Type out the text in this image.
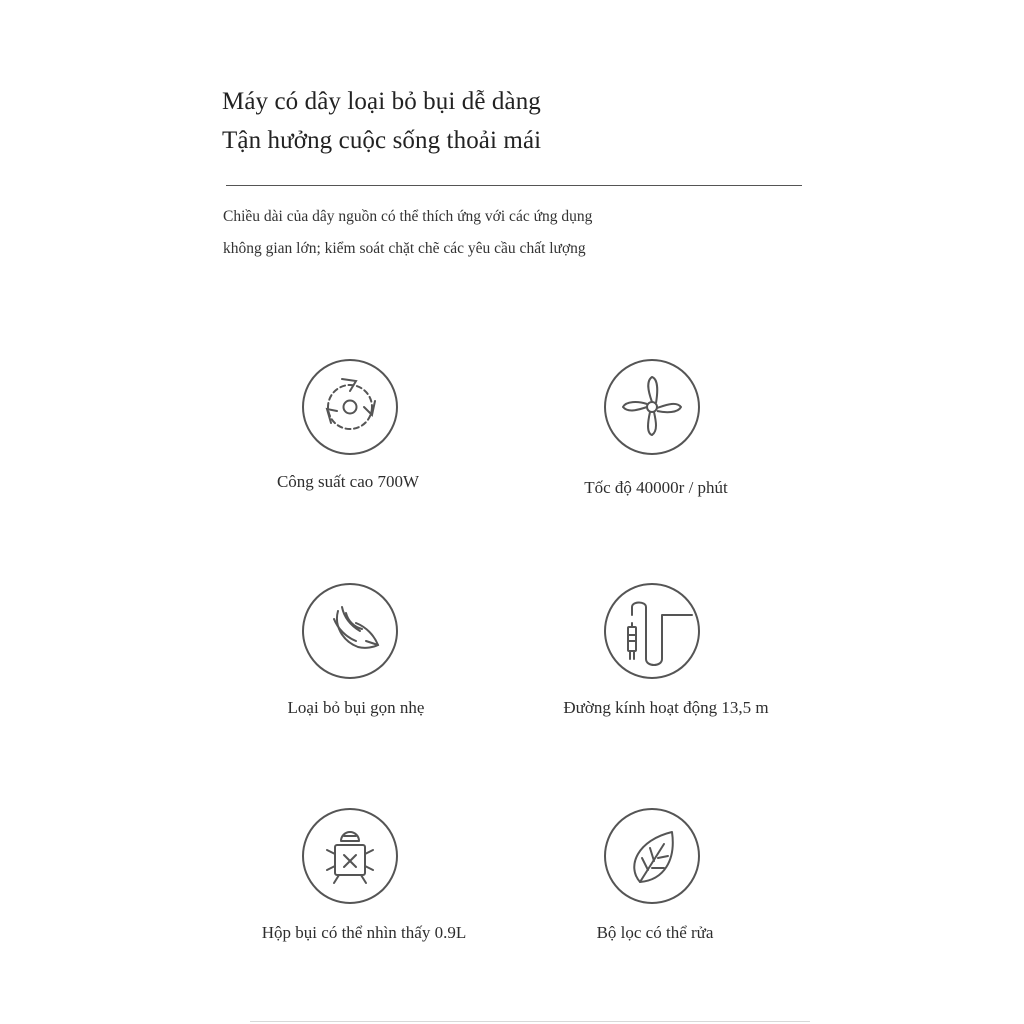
Máy có dây loại bỏ bụi dễ dàng
Tận hưởng cuộc sống thoải mái
Chiều dài của dây nguồn có thể thích ứng với các ứng dụng
không gian lớn; kiểm soát chặt chẽ các yêu cầu chất lượng
Công suất cao 700W	Tốc độ 40000r / phút
Loại bỏ bụi gọn nhẹ	Đường kính hoạt động 13,5 m
Hộp bụi có thể nhìn thấy 0.9L	Bộ lọc có thể rửa
